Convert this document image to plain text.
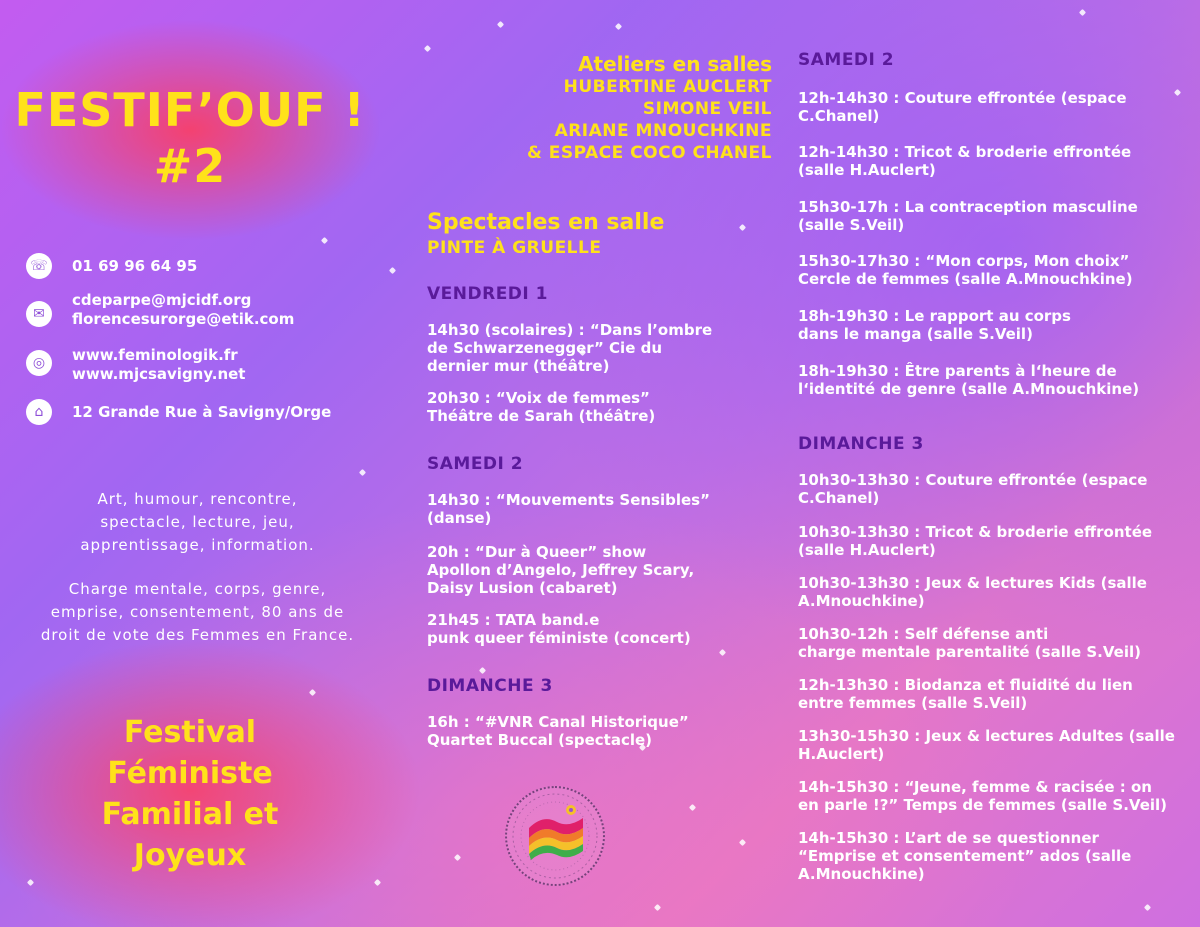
FESTIF’OUF !
#2
☏ 01 69 96 64 95
✉
cdeparpe@mjcidf.org
florencesurorge@etik.com
◎	www.feminologik.fr
www.mjcsavigny.net
⌂	12 Grande Rue à Savigny/Orge
Art, humour, rencontre,
spectacle, lecture, jeu,
apprentissage, information.
Charge mentale, corps, genre,
emprise, consentement, 80 ans de
droit de vote des Femmes en France.
Festival
Féministe
Familial et
Joyeux
Ateliers en salles
HUBERTINE AUCLERT
SIMONE VEIL
ARIANE MNOUCHKINE
& ESPACE COCO CHANEL
Spectacles en salle
PINTE À GRUELLE
VENDREDI 1
14h30 (scolaires) : “Dans l’ombre
de Schwarzenegger” Cie du
dernier mur (théâtre)
20h30 : “Voix de femmes”
Théâtre de Sarah (théâtre)
SAMEDI 2
14h30 : “Mouvements Sensibles”
(danse)
20h : “Dur à Queer” show
Apollon d’Angelo, Jeffrey Scary,
Daisy Lusion (cabaret)
21h45 : TATA band.e
punk queer féministe (concert)
DIMANCHE 3
16h : “#VNR Canal Historique”
Quartet Buccal (spectacle)
SAMEDI 2
12h-14h30 : Couture effrontée (espace
C.Chanel)
12h-14h30 : Tricot & broderie effrontée
(salle H.Auclert)
15h30-17h : La contraception masculine
(salle S.Veil)
15h30-17h30 : “Mon corps, Mon choix”
Cercle de femmes (salle A.Mnouchkine)
18h-19h30 : Le rapport au corps
dans le manga (salle S.Veil)
18h-19h30 : Être parents à l‘heure de
l‘identité de genre (salle A.Mnouchkine)
DIMANCHE 3
10h30-13h30 : Couture effrontée (espace
C.Chanel)
10h30-13h30 : Tricot & broderie effrontée
(salle H.Auclert)
10h30-13h30 : Jeux & lectures Kids (salle
A.Mnouchkine)
10h30-12h : Self défense anti
charge mentale parentalité (salle S.Veil)
12h-13h30 : Biodanza et fluidité du lien
entre femmes (salle S.Veil)
13h30-15h30 : Jeux & lectures Adultes (salle
H.Auclert)
14h-15h30 : “Jeune, femme & racisée : on
en parle !?” Temps de femmes (salle S.Veil)
14h-15h30 : L’art de se questionner
“Emprise et consentement” ados (salle
A.Mnouchkine)
